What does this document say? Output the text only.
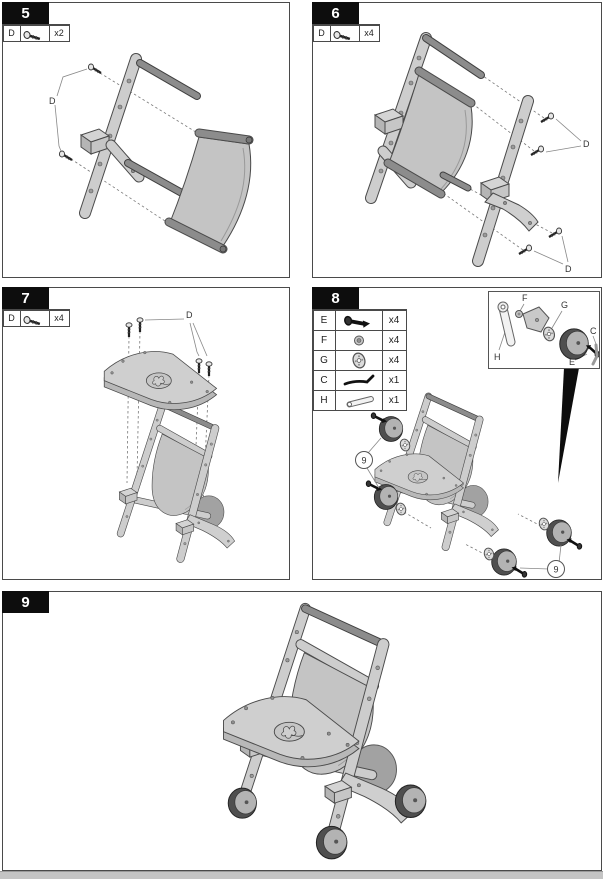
5
D	x2
D
6
D	x4
D
D
7
D	x4	D
8
E	x4
F	x4
G	x4
C	x1
H	x1
9
9
F
G
C
E
H
9
